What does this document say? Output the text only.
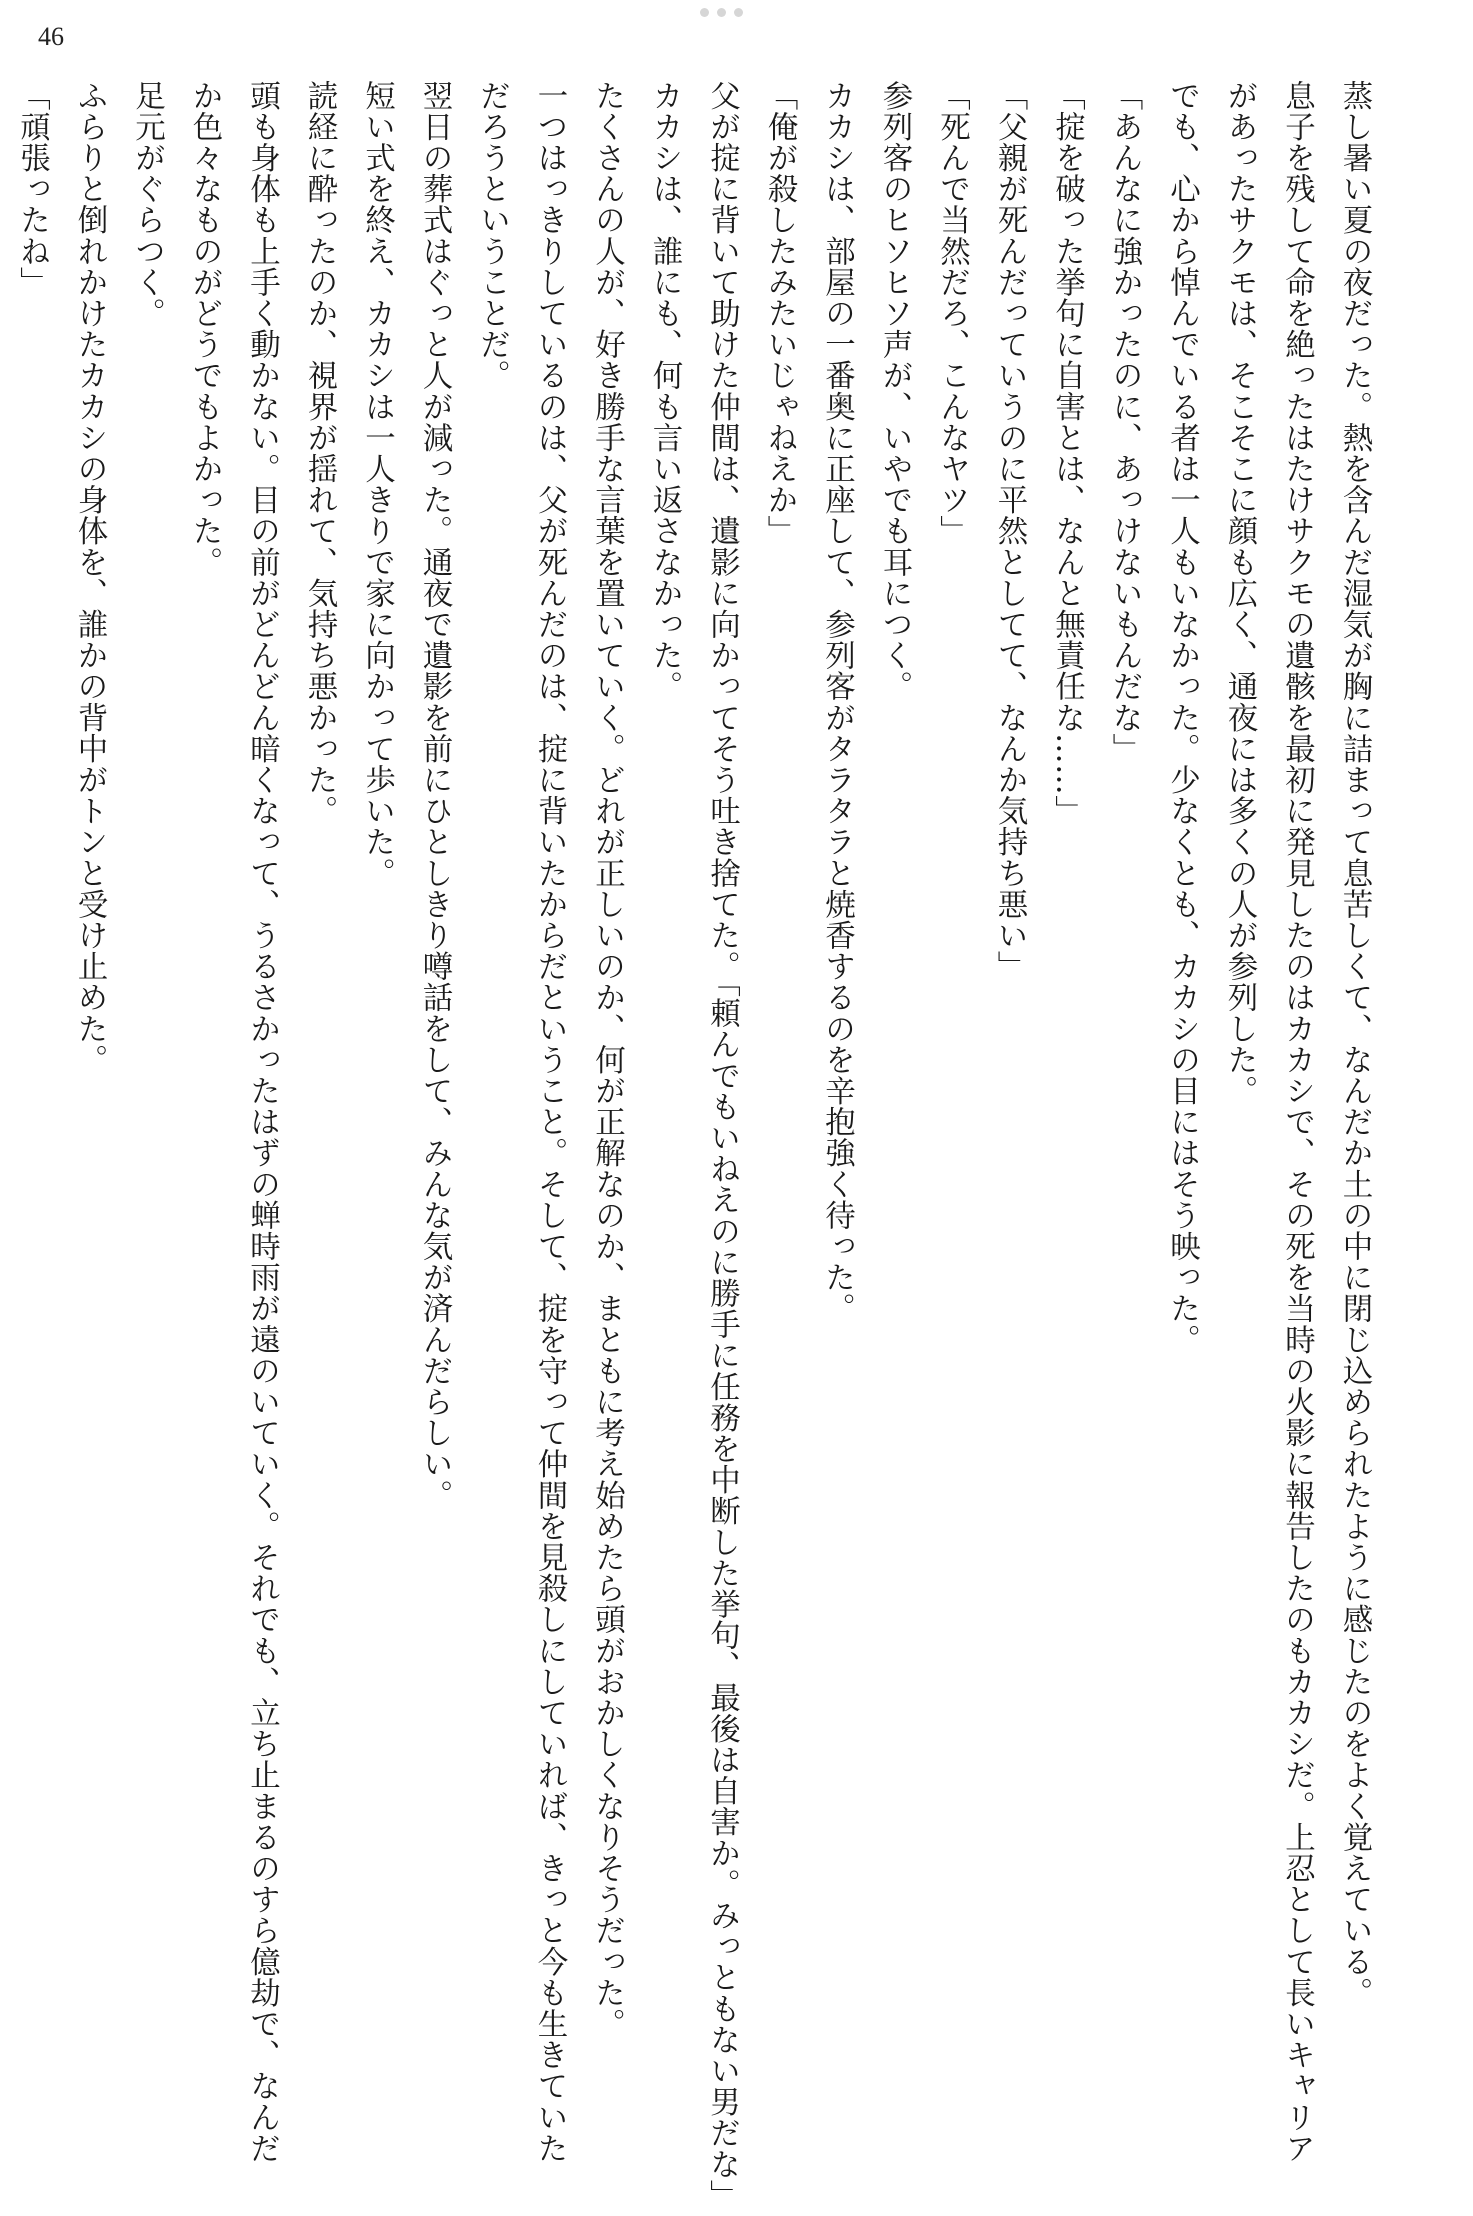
46
蒸し暑い夏の夜だった。熱を含んだ湿気が胸に詰まって息苦しくて、なんだか土の中に閉じ込められたように感じたのをよく覚えている。
息子を残して命を絶ったはたけサクモの遺骸を最初に発見したのはカカシで、その死を当時の火影に報告したのもカカシだ。上忍として長いキャリア
があったサクモは、そこそこに顔も広く、通夜には多くの人が参列した。
でも、心から悼んでいる者は一人もいなかった。少なくとも、カカシの目にはそう映った。
「あんなに強かったのに、あっけないもんだな」
「掟を破った挙句に自害とは、なんと無責任な……」
「父親が死んだっていうのに平然としてて、なんか気持ち悪い」
「死んで当然だろ、こんなヤツ」
参列客のヒソヒソ声が、いやでも耳につく。
カカシは、部屋の一番奥に正座して、参列客がタラタラと焼香するのを辛抱強く待った。
「俺が殺したみたいじゃねえか」
父が掟に背いて助けた仲間は、遺影に向かってそう吐き捨てた。「頼んでもいねえのに勝手に任務を中断した挙句、最後は自害か。みっともない男だな」
カカシは、誰にも、何も言い返さなかった。
たくさんの人が、好き勝手な言葉を置いていく。どれが正しいのか、何が正解なのか、まともに考え始めたら頭がおかしくなりそうだった。
一つはっきりしているのは、父が死んだのは、掟に背いたからだということ。そして、掟を守って仲間を見殺しにしていれば、きっと今も生きていた
だろうということだ。
翌日の葬式はぐっと人が減った。通夜で遺影を前にひとしきり噂話をして、みんな気が済んだらしい。
短い式を終え、カカシは一人きりで家に向かって歩いた。
読経に酔ったのか、視界が揺れて、気持ち悪かった。
頭も身体も上手く動かない。目の前がどんどん暗くなって、うるさかったはずの蝉時雨が遠のいていく。それでも、立ち止まるのすら億劫で、なんだ
か色々なものがどうでもよかった。
足元がぐらつく。
ふらりと倒れかけたカカシの身体を、誰かの背中がトンと受け止めた。
「頑張ったね」
